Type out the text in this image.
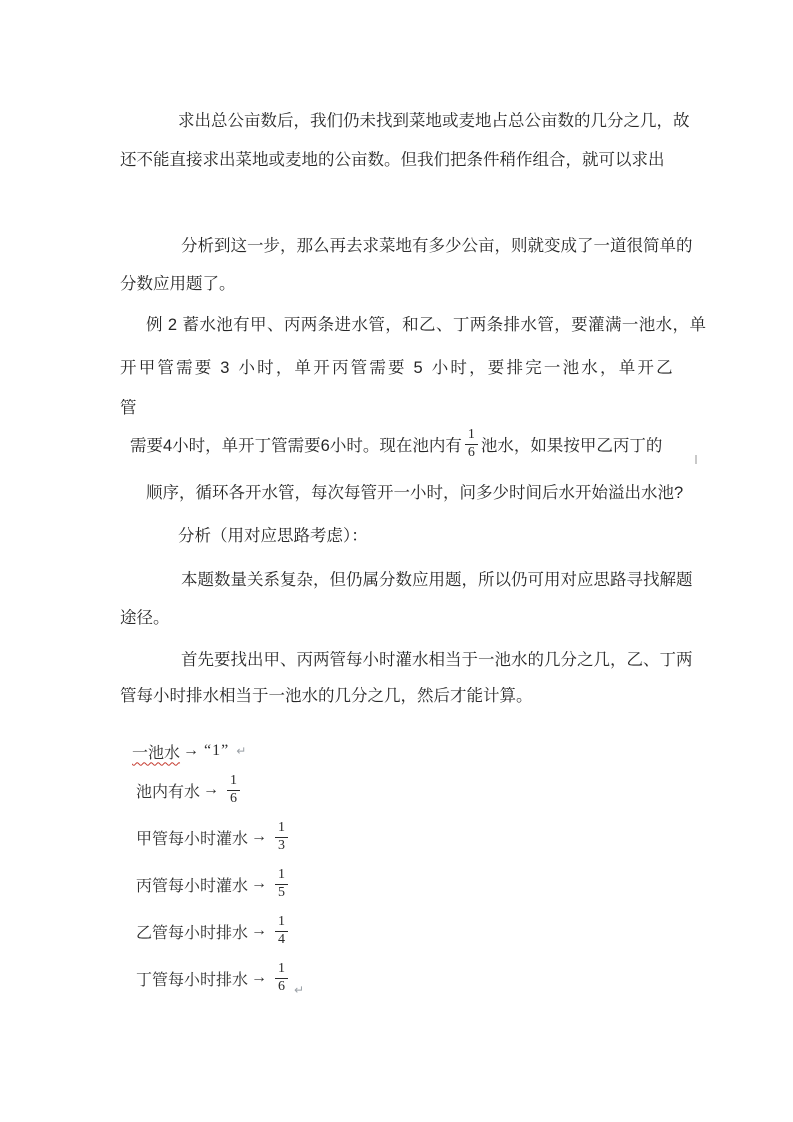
求出总公亩数后，我们仍未找到菜地或麦地占总公亩数的几分之几，故
还不能直接求出菜地或麦地的公亩数。但我们把条件稍作组合，就可以求出
分析到这一步，那么再去求菜地有多少公亩，则就变成了一道很简单的
分数应用题了。
例 2 蓄水池有甲、丙两条进水管，和乙、丁两条排水管，要灌满一池水，单
开甲管需要 3 小时，单开丙管需要 5 小时，要排完一池水，单开乙
管
需要4小时，单开丁管需要6小时。现在池内有 $\frac{1}{6}$ 池水，如果按甲乙丙丁的
顺序，循环各开水管，每次每管开一小时，问多少时间后水开始溢出水池?
分析（用对应思路考虑）：
本题数量关系复杂，但仍属分数应用题，所以仍可用对应思路寻找解题
途径。
首先要找出甲、丙两管每小时灌水相当于一池水的几分之几，乙、丁两
管每小时排水相当于一池水的几分之几，然后才能计算。
一池水 → “1” ↵
池内有水 → $\frac{1}{6}$
甲管每小时灌水 → $\frac{1}{3}$
丙管每小时灌水 → $\frac{1}{5}$
乙管每小时排水 → $\frac{1}{4}$
丁管每小时排水 → $\frac{1}{6}$ ↵
